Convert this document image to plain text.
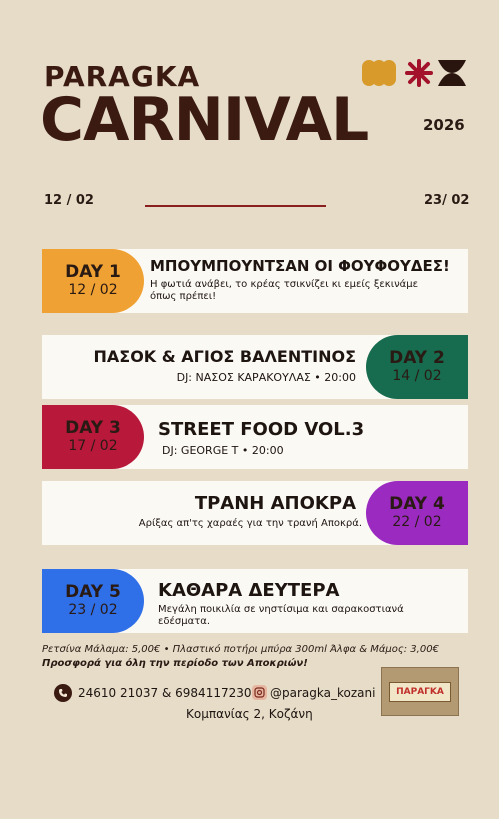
PARAGKA
CARNIVAL	2026
12 / 02	23/ 02
DAY 1
12 / 02
ΜΠΟΥΜΠΟΥΝΤΣΑΝ ΟΙ ΦΟΥΦΟΥΔΕΣ!
Η φωτιά ανάβει, το κρέας τσικνίζει κι εμείς ξεκινάμε όπως πρέπει!
ΠΑΣΟΚ & ΑΓΙΟΣ ΒΑΛΕΝΤΙΝΟΣ
DJ: ΝΑΣΟΣ ΚΑΡΑΚΟΥΛΑΣ • 20:00
DAY 2
14 / 02
DAY 3
17 / 02
STREET FOOD VOL.3
DJ: GEORGE T • 20:00
ΤΡΑΝΗ ΑΠΟΚΡΑ
Αρίξας απ'τς χαραές για την τρανή Αποκρά.
DAY 4
22 / 02
DAY 5
23 / 02
ΚΑΘΑΡΑ ΔΕΥΤΕΡΑ
Μεγάλη ποικιλία σε νηστίσιμα και σαρακοστιανά εδέσματα.
Ρετσίνα Μάλαμα: 5,00€ • Πλαστικό ποτήρι μπύρα 300ml Άλφα & Μάμος: 3,00€
Προσφορά για όλη την περίοδο των Αποκριών!
24610 21037 & 6984117230 @paragka_kozani
Κομπανίας 2, Κοζάνη
ΠΑΡΑΓΚΑ
